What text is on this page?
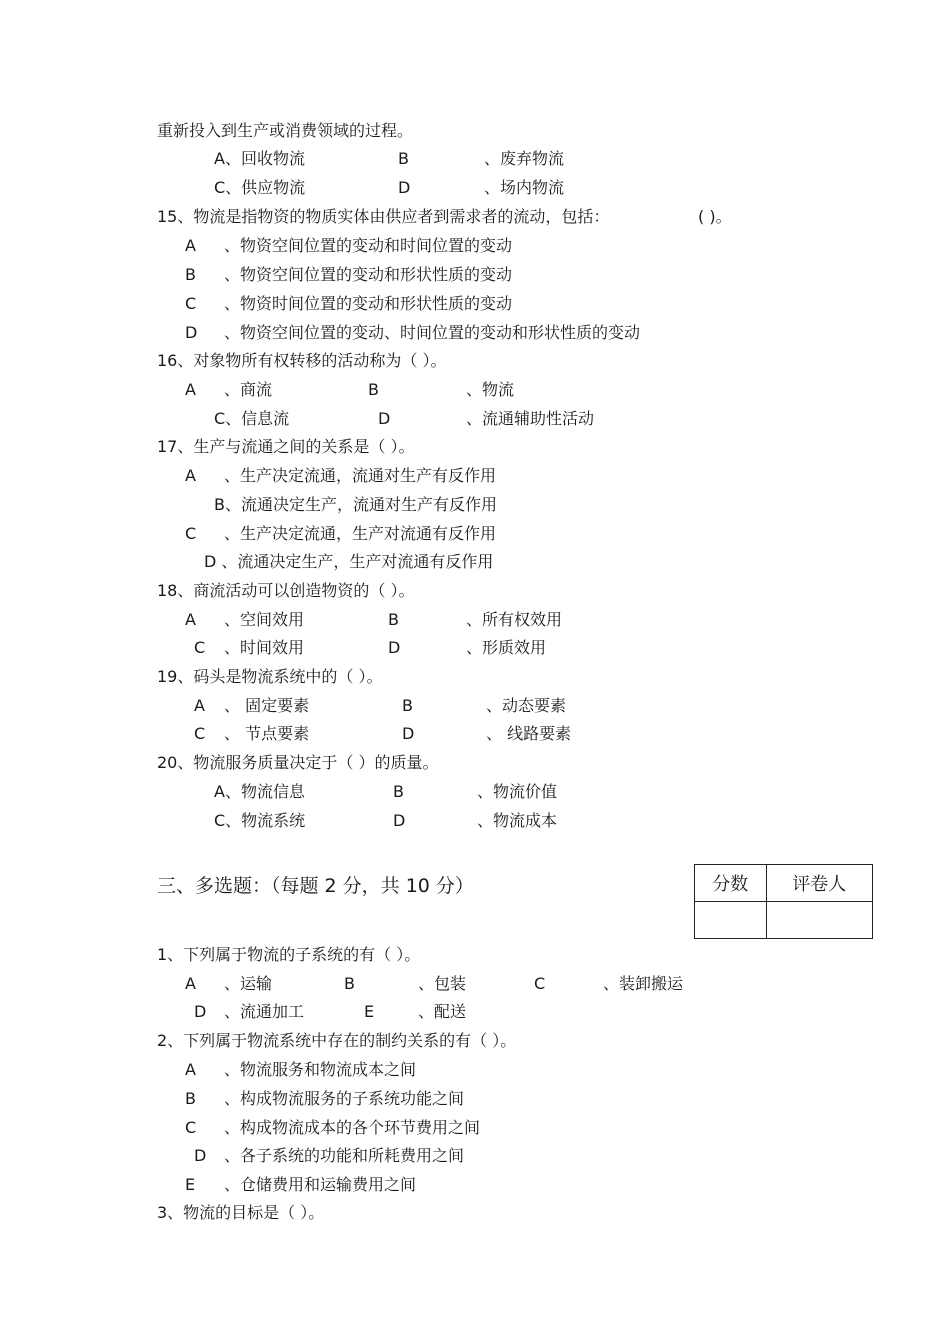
重新投入到生产或消费领域的过程。
A、回收物流	B	、废弃物流
C、供应物流	D	、场内物流
15、物流是指物资的物质实体由供应者到需求者的流动，包括：	( )。
A 、物资空间位置的变动和时间位置的变动
B 、物资空间位置的变动和形状性质的变动
C 、物资时间位置的变动和形状性质的变动
D 、物资空间位置的变动、时间位置的变动和形状性质的变动
16、对象物所有权转移的活动称为（ ）。
A 、商流	B	、物流
C、信息流	D	、流通辅助性活动
17、生产与流通之间的关系是（ ）。
A 、生产决定流通，流通对生产有反作用
B、流通决定生产，流通对生产有反作用
C 、生产决定流通，生产对流通有反作用
D 、流通决定生产，生产对流通有反作用
18、商流活动可以创造物资的（ ）。
A 、空间效用	B	、所有权效用
C 、时间效用	D	、形质效用
19、码头是物流系统中的（ ）。
A 、 固定要素	B	、动态要素
C 、 节点要素	D	、 线路要素
20、物流服务质量决定于（ ）的质量。
A、物流信息	B	、物流价值
C、物流系统	D	、物流成本
三、多选题：（每题 2 分，共 10 分）
1、下列属于物流的子系统的有（ ）。
A 、运输	B	、包装	C	、装卸搬运
D 、流通加工	E	、配送
2、下列属于物流系统中存在的制约关系的有（ ）。
A 、物流服务和物流成本之间
B 、构成物流服务的子系统功能之间
C 、构成物流成本的各个环节费用之间
D 、各子系统的功能和所耗费用之间
E 、仓储费用和运输费用之间
3、物流的目标是（ ）。
分数	评卷人
